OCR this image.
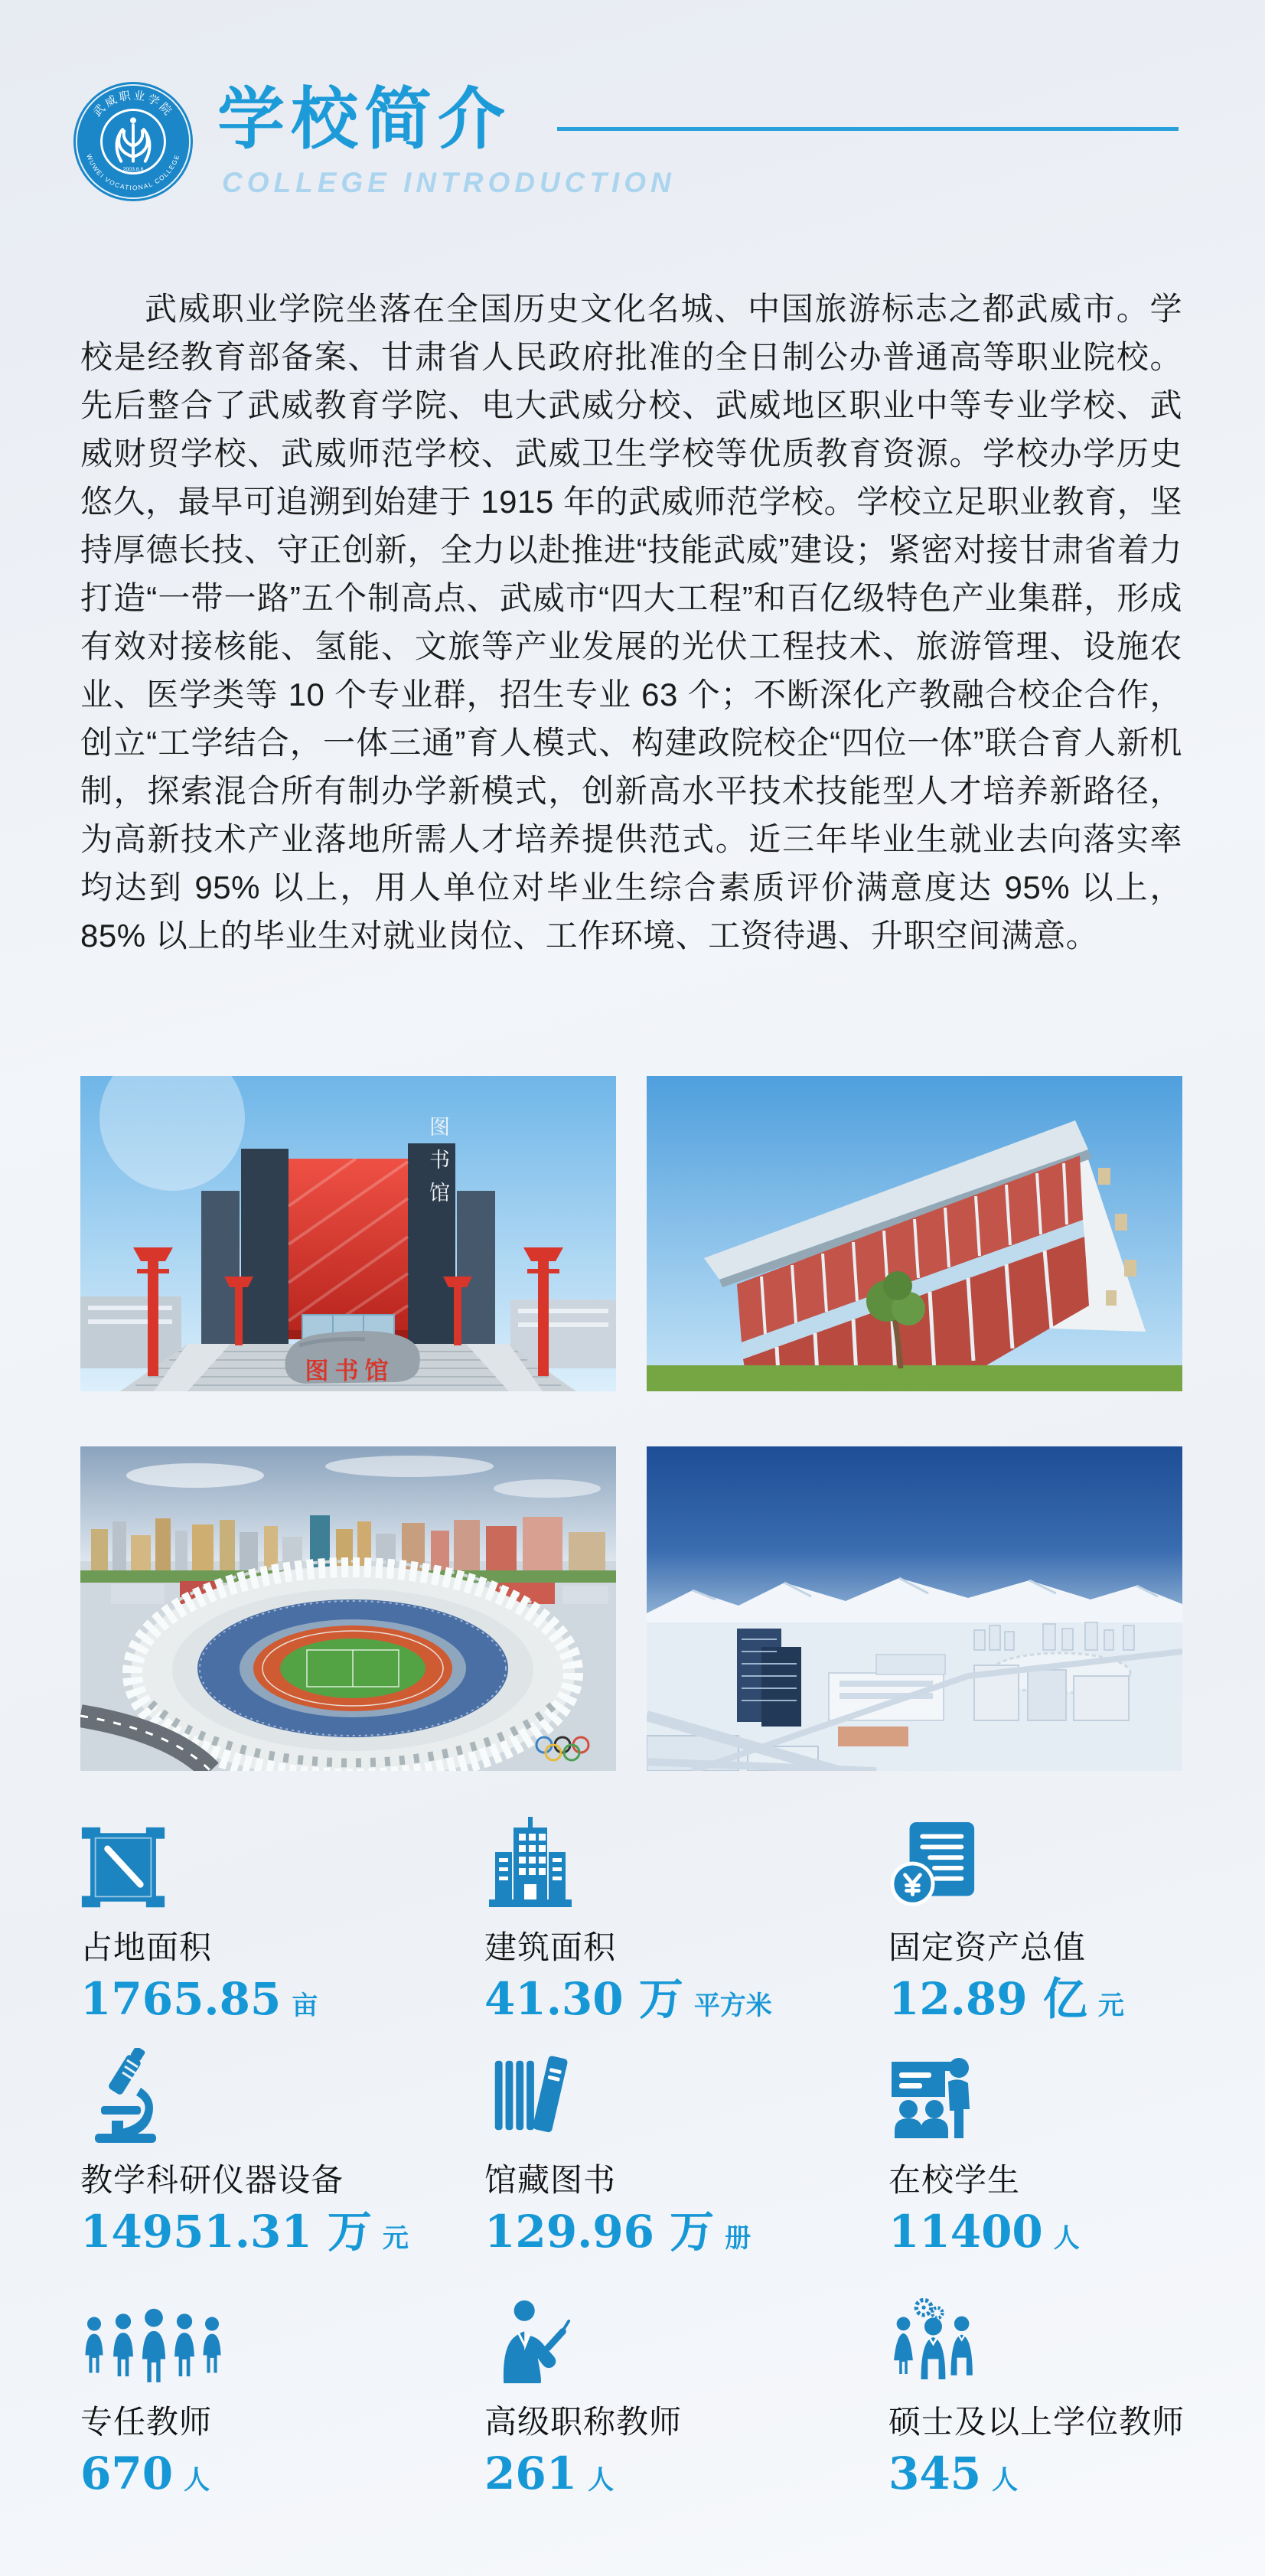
武威职业学院
WUWEI VOCATIONAL COLLEGE
2003.6.6
学校简介
COLLEGE INTRODUCTION
武威职业学院坐落在全国历史文化名城、中国旅游标志之都武威市。学校是经教育部备案、甘肃省人民政府批准的全日制公办普通高等职业院校。先后整合了武威教育学院、电大武威分校、武威地区职业中等专业学校、武威财贸学校、武威师范学校、武威卫生学校等优质教育资源。学校办学历史悠久，最早可追溯到始建于 1915 年的武威师范学校。学校立足职业教育，坚持厚德长技、守正创新，全力以赴推进“技能武威”建设；紧密对接甘肃省着力打造“一带一路”五个制高点、武威市“四大工程”和百亿级特色产业集群，形成有效对接核能、氢能、文旅等产业发展的光伏工程技术、旅游管理、设施农业、医学类等 10 个专业群，招生专业 63 个；不断深化产教融合校企合作，创立“工学结合，一体三通”育人模式、构建政院校企“四位一体”联合育人新机制，探索混合所有制办学新模式，创新高水平技术技能型人才培养新路径，为高新技术产业落地所需人才培养提供范式。近三年毕业生就业去向落实率均达到 95% 以上，用人单位对毕业生综合素质评价满意度达 95% 以上，85% 以上的毕业生对就业岗位、工作环境、工资待遇、升职空间满意。
图书馆
图书馆
占地面积
1765.85 亩
建筑面积
41.30 万 平方米
固定资产总值
12.89 亿 元
教学科研仪器设备
14951.31 万 元
馆藏图书
129.96 万 册
在校学生
11400 人
专任教师
670 人
高级职称教师
261 人
硕士及以上学位教师
345 人
